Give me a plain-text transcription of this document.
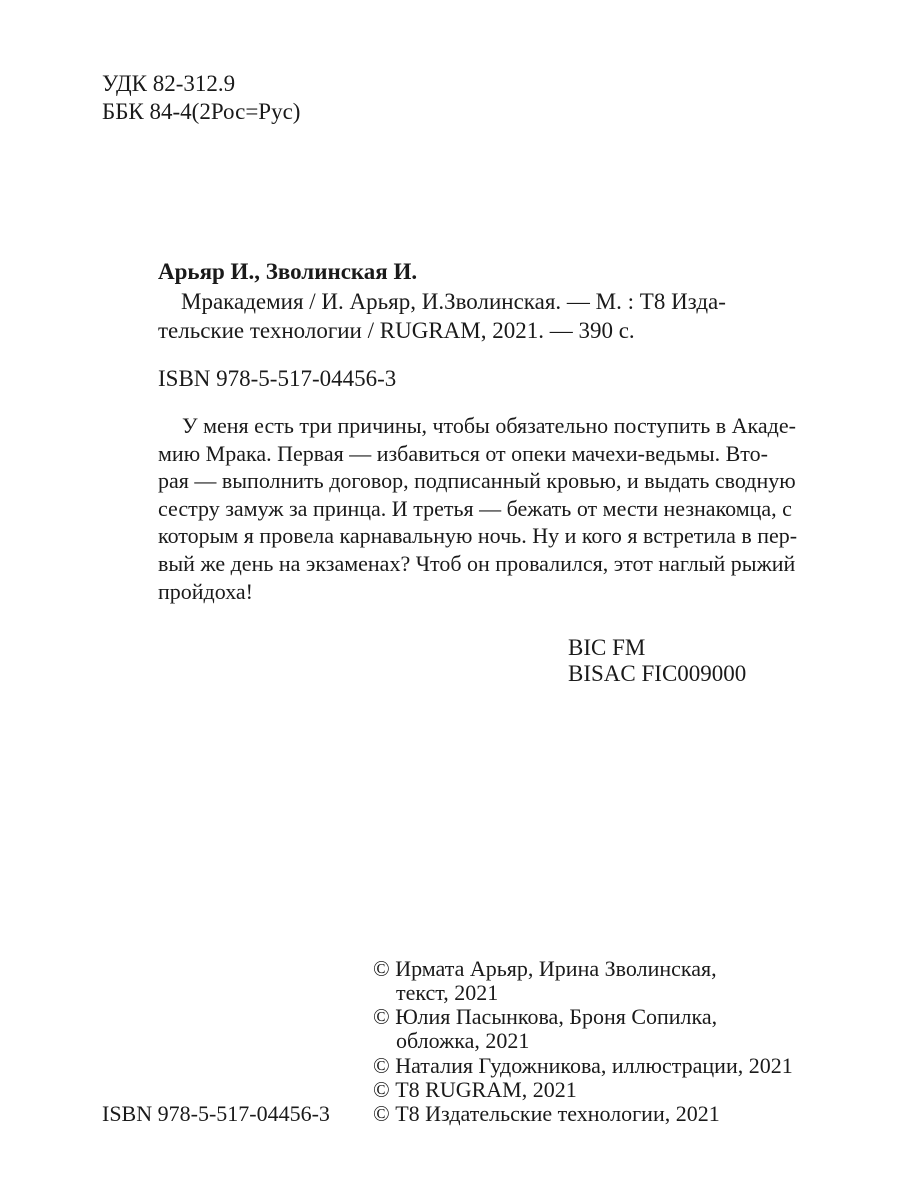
УДК 82-312.9
ББК 84-4(2Рос=Рус)
Арьяр И., Зволинская И.
Мракадемия / И. Арьяр, И.Зволинская. — М. : Т8 Изда-
тельские технологии / RUGRAM, 2021. — 390 с.
ISBN 978-5-517-04456-3
У меня есть три причины, чтобы обязательно поступить в Акаде-
мию Мрака. Первая — избавиться от опеки мачехи-ведьмы. Вто-
рая — выполнить договор, подписанный кровью, и выдать сводную
сестру замуж за принца. И третья — бежать от мести незнакомца, с
которым я провела карнавальную ночь. Ну и кого я встретила в пер-
вый же день на экзаменах? Чтоб он провалился, этот наглый рыжий
пройдоха!
BIC FM
BISAC FIC009000
© Ирмата Арьяр, Ирина Зволинская,
текст, 2021
© Юлия Пасынкова, Броня Сопилка,
обложка, 2021
© Наталия Гудожникова, иллюстрации, 2021
© Т8 RUGRAM, 2021
© Т8 Издательские технологии, 2021
ISBN 978-5-517-04456-3
